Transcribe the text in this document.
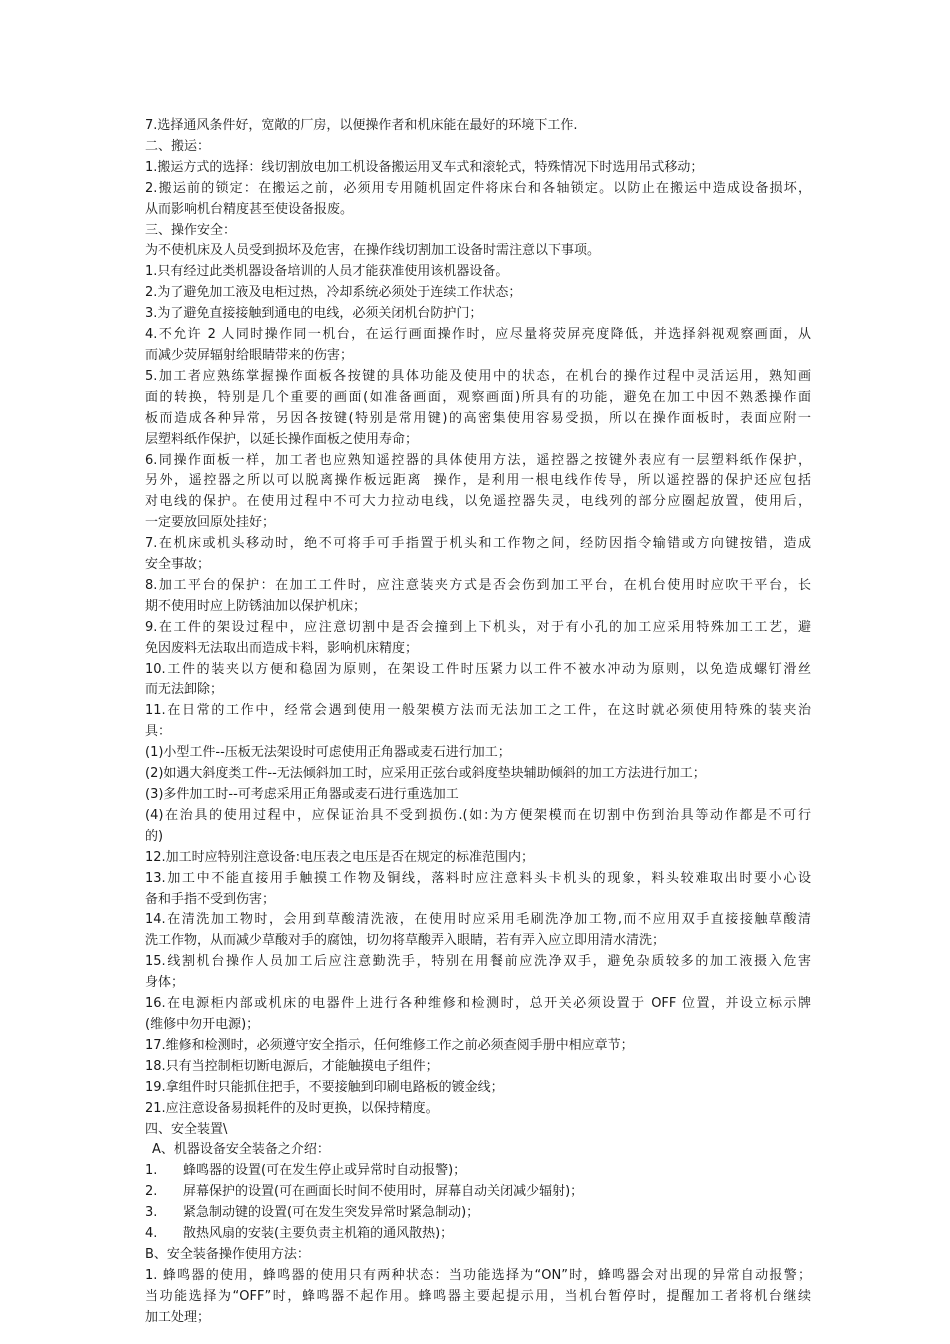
7.选择通风条件好，宽敞的厂房，以便操作者和机床能在最好的环境下工作.
二、搬运：
1.搬运方式的选择：线切割放电加工机设备搬运用叉车式和滚轮式，特殊情况下时选用吊式移动；
2.搬运前的锁定：在搬运之前，必须用专用随机固定件将床台和各轴锁定。以防止在搬运中造成设备损坏，
从而影响机台精度甚至使设备报废。
三、操作安全：
为不使机床及人员受到损坏及危害，在操作线切割加工设备时需注意以下事项。
1.只有经过此类机器设备培训的人员才能获准使用该机器设备。
2.为了避免加工液及电柜过热，冷却系统必须处于连续工作状态；
3.为了避免直接接触到通电的电线，必须关闭机台防护门；
4.不允许 2 人同时操作同一机台，在运行画面操作时，应尽量将荧屏亮度降低，并选择斜视观察画面，从
而减少荧屏辐射给眼睛带来的伤害；
5.加工者应熟练掌握操作面板各按键的具体功能及使用中的状态，在机台的操作过程中灵活运用，熟知画
面的转换，特别是几个重要的画面(如准备画面，观察画面)所具有的功能，避免在加工中因不熟悉操作面
板而造成各种异常，另因各按键(特别是常用键)的高密集使用容易受损，所以在操作面板时，表面应附一
层塑料纸作保护，以延长操作面板之使用寿命；
6.同操作面板一样，加工者也应熟知遥控器的具体使用方法，遥控器之按键外表应有一层塑料纸作保护，
另外，遥控器之所以可以脱离操作板远距离  操作，是利用一根电线作传导，所以遥控器的保护还应包括
对电线的保护。在使用过程中不可大力拉动电线，以免遥控器失灵，电线列的部分应圈起放置，使用后，
一定要放回原处挂好；
7.在机床或机头移动时，绝不可将手可手指置于机头和工作物之间，经防因指令输错或方向键按错，造成
安全事故；
8.加工平台的保护：在加工工件时，应注意装夹方式是否会伤到加工平台，在机台使用时应吹干平台，长
期不使用时应上防锈油加以保护机床；
9.在工件的架设过程中，应注意切割中是否会撞到上下机头，对于有小孔的加工应采用特殊加工工艺，避
免因废料无法取出而造成卡料，影响机床精度；
10.工件的装夹以方便和稳固为原则，在架设工件时压紧力以工件不被水冲动为原则，以免造成螺钉滑丝
而无法卸除；
11.在日常的工作中，经常会遇到使用一般架模方法而无法加工之工件，在这时就必须使用特殊的装夹治
具：
(1)小型工件--压板无法架设时可虑使用正角器或麦石进行加工；
(2)如遇大斜度类工件--无法倾斜加工时，应采用正弦台或斜度垫块辅助倾斜的加工方法进行加工；
(3)多件加工时--可考虑采用正角器或麦石进行重选加工
(4)在治具的使用过程中，应保证治具不受到损伤.(如:为方便架模而在切割中伤到治具等动作都是不可行
的)
12.加工时应特别注意设备:电压表之电压是否在规定的标准范围内；
13.加工中不能直接用手触摸工作物及铜线，落料时应注意料头卡机头的现象，料头较难取出时要小心设
备和手指不受到伤害；
14.在清洗加工物时，会用到草酸清洗液，在使用时应采用毛刷洗净加工物,而不应用双手直接接触草酸清
洗工作物，从而减少草酸对手的腐蚀，切勿将草酸弄入眼睛，若有弄入应立即用清水清洗；
15.线割机台操作人员加工后应注意勤洗手，特别在用餐前应洗净双手，避免杂质较多的加工液摄入危害
身体；
16.在电源柜内部或机床的电器件上进行各种维修和检测时，总开关必须设置于 OFF 位置，并设立标示牌
(维修中勿开电源)；
17.维修和检测时，必须遵守安全指示，任何维修工作之前必须查阅手册中相应章节；
18.只有当控制柜切断电源后，才能触摸电子组件；
19.拿组件时只能抓住把手，不要接触到印刷电路板的镀金线；
21.应注意设备易损耗件的及时更换，以保持精度。
四、安全装置\
A、机器设备安全装备之介绍：
1. 蜂鸣器的设置(可在发生停止或异常时自动报警)；
2. 屏幕保护的设置(可在画面长时间不使用时，屏幕自动关闭减少辐射)；
3. 紧急制动键的设置(可在发生突发异常时紧急制动)；
4. 散热风扇的安装(主要负责主机箱的通风散热)；
B、安全装备操作使用方法：
1. 蜂鸣器的使用，蜂鸣器的使用只有两种状态：当功能选择为“ON”时，蜂鸣器会对出现的异常自动报警；
当功能选择为“OFF”时，蜂鸣器不起作用。蜂鸣器主要起提示用，当机台暂停时，提醒加工者将机台继续
加工处理；
